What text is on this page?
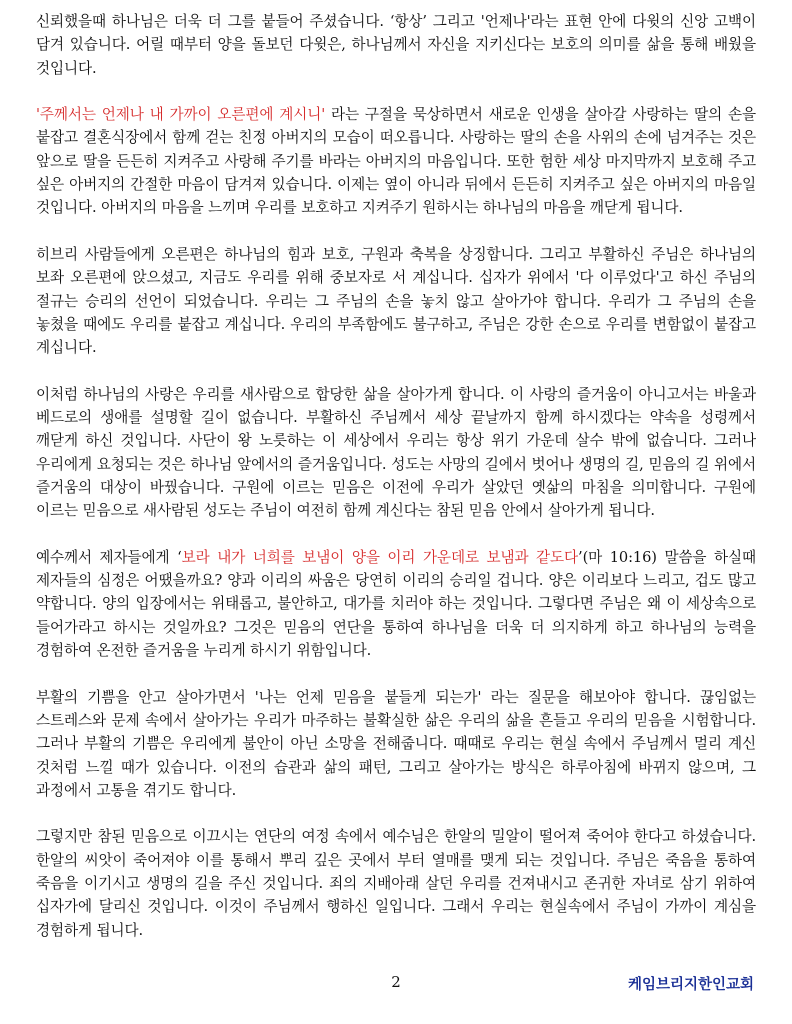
신뢰했을때 하나님은 더욱 더 그를 붙들어 주셨습니다. ‘항상’ 그리고 '언제나'라는 표현 안에 다윗의 신앙 고백이 담겨 있습니다. 어릴 때부터 양을 돌보던 다윗은, 하나님께서 자신을 지키신다는 보호의 의미를 삶을 통해 배웠을 것입니다.

'주께서는 언제나 내 가까이 오른편에 계시니' 라는 구절을 묵상하면서 새로운 인생을 살아갈 사랑하는 딸의 손을 붙잡고 결혼식장에서 함께 걷는 친정 아버지의 모습이 떠오릅니다. 사랑하는 딸의 손을 사위의 손에 넘겨주는 것은 앞으로 딸을 든든히 지켜주고 사랑해 주기를 바라는 아버지의 마음입니다. 또한 험한 세상 마지막까지 보호해 주고 싶은 아버지의 간절한 마음이 담겨져 있습니다. 이제는 옆이 아니라 뒤에서 든든히 지켜주고 싶은 아버지의 마음일 것입니다. 아버지의 마음을 느끼며 우리를 보호하고 지켜주기 원하시는 하나님의 마음을 깨닫게 됩니다.

히브리 사람들에게 오른편은 하나님의 힘과 보호, 구원과 축복을 상징합니다. 그리고 부활하신 주님은 하나님의 보좌 오른편에 앉으셨고, 지금도 우리를 위해 중보자로 서 계십니다. 십자가 위에서 '다 이루었다'고 하신 주님의 절규는 승리의 선언이 되었습니다. 우리는 그 주님의 손을 놓치 않고 살아가야 합니다. 우리가 그 주님의 손을 놓쳤을 때에도 우리를 붙잡고 계십니다. 우리의 부족함에도 불구하고, 주님은 강한 손으로 우리를 변함없이 붙잡고 계십니다.

이처럼 하나님의 사랑은 우리를 새사람으로 합당한 삶을 살아가게 합니다. 이 사랑의 즐거움이 아니고서는 바울과 베드로의 생애를 설명할 길이 없습니다. 부활하신 주님께서 세상 끝날까지 함께 하시겠다는 약속을 성령께서 깨닫게 하신 것입니다. 사단이 왕 노릇하는 이 세상에서 우리는 항상 위기 가운데 살수 밖에 없습니다. 그러나 우리에게 요청되는 것은 하나님 앞에서의 즐거움입니다. 성도는 사망의 길에서 벗어나 생명의 길, 믿음의 길 위에서 즐거움의 대상이 바꿨습니다. 구원에 이르는 믿음은 이전에 우리가 살았던 옛삶의 마침을 의미합니다. 구원에 이르는 믿음으로 새사람된 성도는 주님이 여전히 함께 계신다는 참된 믿음 안에서 살아가게 됩니다.

예수께서 제자들에게 ‘보라 내가 너희를 보냄이 양을 이리 가운데로 보냄과 같도다’(마 10:16) 말씀을 하실때 제자들의 심정은 어땠을까요? 양과 이리의 싸움은 당연히 이리의 승리일 겁니다. 양은 이리보다 느리고, 겁도 많고 약합니다. 양의 입장에서는 위태롭고, 불안하고, 대가를 치러야 하는 것입니다. 그렇다면 주님은 왜 이 세상속으로 들어가라고 하시는 것일까요? 그것은 믿음의 연단을 통하여 하나님을 더욱 더 의지하게 하고 하나님의 능력을 경험하여 온전한 즐거움을 누리게 하시기 위함입니다.

부활의 기쁨을 안고 살아가면서 '나는 언제 믿음을 붙들게 되는가' 라는 질문을 해보아야 합니다. 끊임없는 스트레스와 문제 속에서 살아가는 우리가 마주하는 불확실한 삶은 우리의 삶을 흔들고 우리의 믿음을 시험합니다. 그러나 부활의 기쁨은 우리에게 불안이 아닌 소망을 전해줍니다. 때때로 우리는 현실 속에서 주님께서 멀리 계신 것처럼 느낄 때가 있습니다. 이전의 습관과 삶의 패턴, 그리고 살아가는 방식은 하루아침에 바뀌지 않으며, 그 과정에서 고통을 겪기도 합니다.

그렇지만 참된 믿음으로 이끄시는 연단의 여정 속에서 예수님은 한알의 밀알이 떨어져 죽어야 한다고 하셨습니다. 한알의 씨앗이 죽어져야 이를 통해서 뿌리 깊은 곳에서 부터 열매를 맺게 되는 것입니다. 주님은 죽음을 통하여 죽음을 이기시고 생명의 길을 주신 것입니다. 죄의 지배아래 살던 우리를 건져내시고 존귀한 자녀로 삼기 위하여 십자가에 달리신 것입니다. 이것이 주님께서 행하신 일입니다. 그래서 우리는 현실속에서 주님이 가까이 계심을 경험하게 됩니다.

2	케임브리지한인교회
